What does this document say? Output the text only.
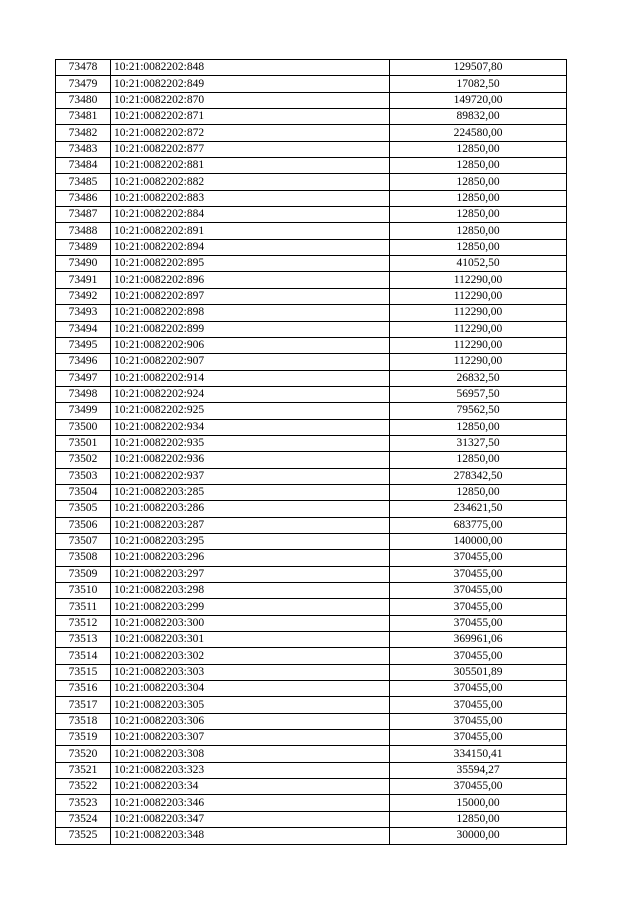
73478	10:21:0082202:848	129507,80
73479	10:21:0082202:849	17082,50
73480	10:21:0082202:870	149720,00
73481	10:21:0082202:871	89832,00
73482	10:21:0082202:872	224580,00
73483	10:21:0082202:877	12850,00
73484	10:21:0082202:881	12850,00
73485	10:21:0082202:882	12850,00
73486	10:21:0082202:883	12850,00
73487	10:21:0082202:884	12850,00
73488	10:21:0082202:891	12850,00
73489	10:21:0082202:894	12850,00
73490	10:21:0082202:895	41052,50
73491	10:21:0082202:896	112290,00
73492	10:21:0082202:897	112290,00
73493	10:21:0082202:898	112290,00
73494	10:21:0082202:899	112290,00
73495	10:21:0082202:906	112290,00
73496	10:21:0082202:907	112290,00
73497	10:21:0082202:914	26832,50
73498	10:21:0082202:924	56957,50
73499	10:21:0082202:925	79562,50
73500	10:21:0082202:934	12850,00
73501	10:21:0082202:935	31327,50
73502	10:21:0082202:936	12850,00
73503	10:21:0082202:937	278342,50
73504	10:21:0082203:285	12850,00
73505	10:21:0082203:286	234621,50
73506	10:21:0082203:287	683775,00
73507	10:21:0082203:295	140000,00
73508	10:21:0082203:296	370455,00
73509	10:21:0082203:297	370455,00
73510	10:21:0082203:298	370455,00
73511	10:21:0082203:299	370455,00
73512	10:21:0082203:300	370455,00
73513	10:21:0082203:301	369961,06
73514	10:21:0082203:302	370455,00
73515	10:21:0082203:303	305501,89
73516	10:21:0082203:304	370455,00
73517	10:21:0082203:305	370455,00
73518	10:21:0082203:306	370455,00
73519	10:21:0082203:307	370455,00
73520	10:21:0082203:308	334150,41
73521	10:21:0082203:323	35594,27
73522	10:21:0082203:34	370455,00
73523	10:21:0082203:346	15000,00
73524	10:21:0082203:347	12850,00
73525	10:21:0082203:348	30000,00
